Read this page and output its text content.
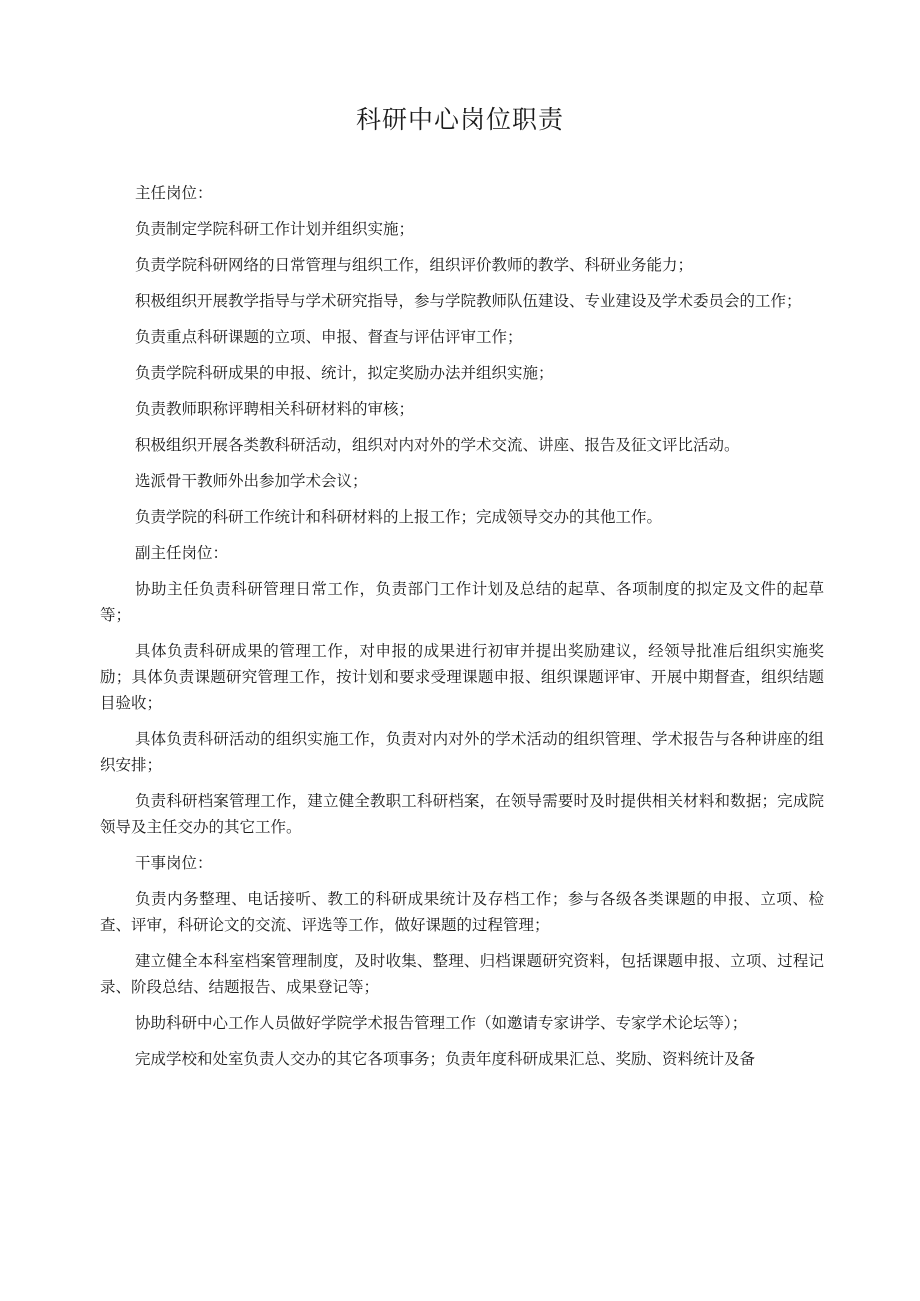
科研中心岗位职责

主任岗位：

负责制定学院科研工作计划并组织实施；

负责学院科研网络的日常管理与组织工作，组织评价教师的教学、科研业务能力；

积极组织开展教学指导与学术研究指导，参与学院教师队伍建设、专业建设及学术委员会的工作；

负责重点科研课题的立项、申报、督查与评估评审工作；

负责学院科研成果的申报、统计，拟定奖励办法并组织实施；

负责教师职称评聘相关科研材料的审核；

积极组织开展各类教科研活动，组织对内对外的学术交流、讲座、报告及征文评比活动。

选派骨干教师外出参加学术会议；

负责学院的科研工作统计和科研材料的上报工作；完成领导交办的其他工作。

副主任岗位：

协助主任负责科研管理日常工作，负责部门工作计划及总结的起草、各项制度的拟定及文件的起草等；

具体负责科研成果的管理工作，对申报的成果进行初审并提出奖励建议，经领导批准后组织实施奖励；具体负责课题研究管理工作，按计划和要求受理课题申报、组织课题评审、开展中期督查，组织结题目验收；

具体负责科研活动的组织实施工作，负责对内对外的学术活动的组织管理、学术报告与各种讲座的组织安排；

负责科研档案管理工作，建立健全教职工科研档案，在领导需要时及时提供相关材料和数据；完成院领导及主任交办的其它工作。

干事岗位：

负责内务整理、电话接听、教工的科研成果统计及存档工作；参与各级各类课题的申报、立项、检查、评审，科研论文的交流、评选等工作，做好课题的过程管理；

建立健全本科室档案管理制度，及时收集、整理、归档课题研究资料，包括课题申报、立项、过程记录、阶段总结、结题报告、成果登记等；

协助科研中心工作人员做好学院学术报告管理工作（如邀请专家讲学、专家学术论坛等）；

完成学校和处室负责人交办的其它各项事务；负责年度科研成果汇总、奖励、资料统计及备
